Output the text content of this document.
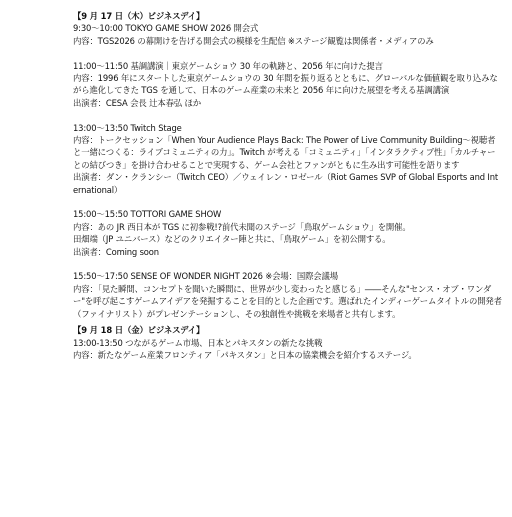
【9 月 17 日（木）ビジネスデイ】
9:30～10:00 TOKYO GAME SHOW 2026 開会式
内容：TGS2026 の幕開けを告げる開会式の模様を生配信 ※ステージ観覧は関係者・メディアのみ
11:00～11:50 基調講演｜東京ゲームショウ 30 年の軌跡と、2056 年に向けた提言
内容：1996 年にスタートした東京ゲームショウの 30 年間を振り返るとともに、グローバルな価値観を取り込みながら進化してきた TGS を通して、日本のゲーム産業の未来と 2056 年に向けた展望を考える基調講演
出演者：CESA 会長 辻本春弘 ほか
13:00～13:50 Twitch Stage
内容：トークセッション「When Your Audience Plays Back: The Power of Live Community Building～視聴者と一緒につくる：ライブコミュニティの力」。Twitch が考える「コミュニティ」「インタラクティブ性」「カルチャーとの結びつき」を掛け合わせることで実現する、ゲーム会社とファンがともに生み出す可能性を語ります
出演者：ダン・クランシー（Twitch CEO）／ウェイレン・ロゼール（Riot Games SVP of Global Esports and International）
15:00～15:50 TOTTORI GAME SHOW
内容：あの JR 西日本が TGS に初参戦!?前代未聞のステージ「鳥取ゲームショウ」を開催。
田畑端（JP ユニバース）などのクリエイター陣と共に、「鳥取ゲーム」を初公開する。
出演者：Coming soon
15:50～17:50 SENSE OF WONDER NIGHT 2026 ※会場：国際会議場
内容：「見た瞬間、コンセプトを聞いた瞬間に、世界が少し変わったと感じる」――そんな"センス・オブ・ワンダー"を呼び起こすゲームアイデアを発掘することを目的とした企画です。選ばれたインディーゲームタイトルの開発者（ファイナリスト）がプレゼンテーションし、その独創性や挑戦を来場者と共有します。
【9 月 18 日（金）ビジネスデイ】
13:00-13:50 つながるゲーム市場、日本とパキスタンの新たな挑戦
内容：新たなゲーム産業フロンティア「パキスタン」と日本の協業機会を紹介するステージ。
